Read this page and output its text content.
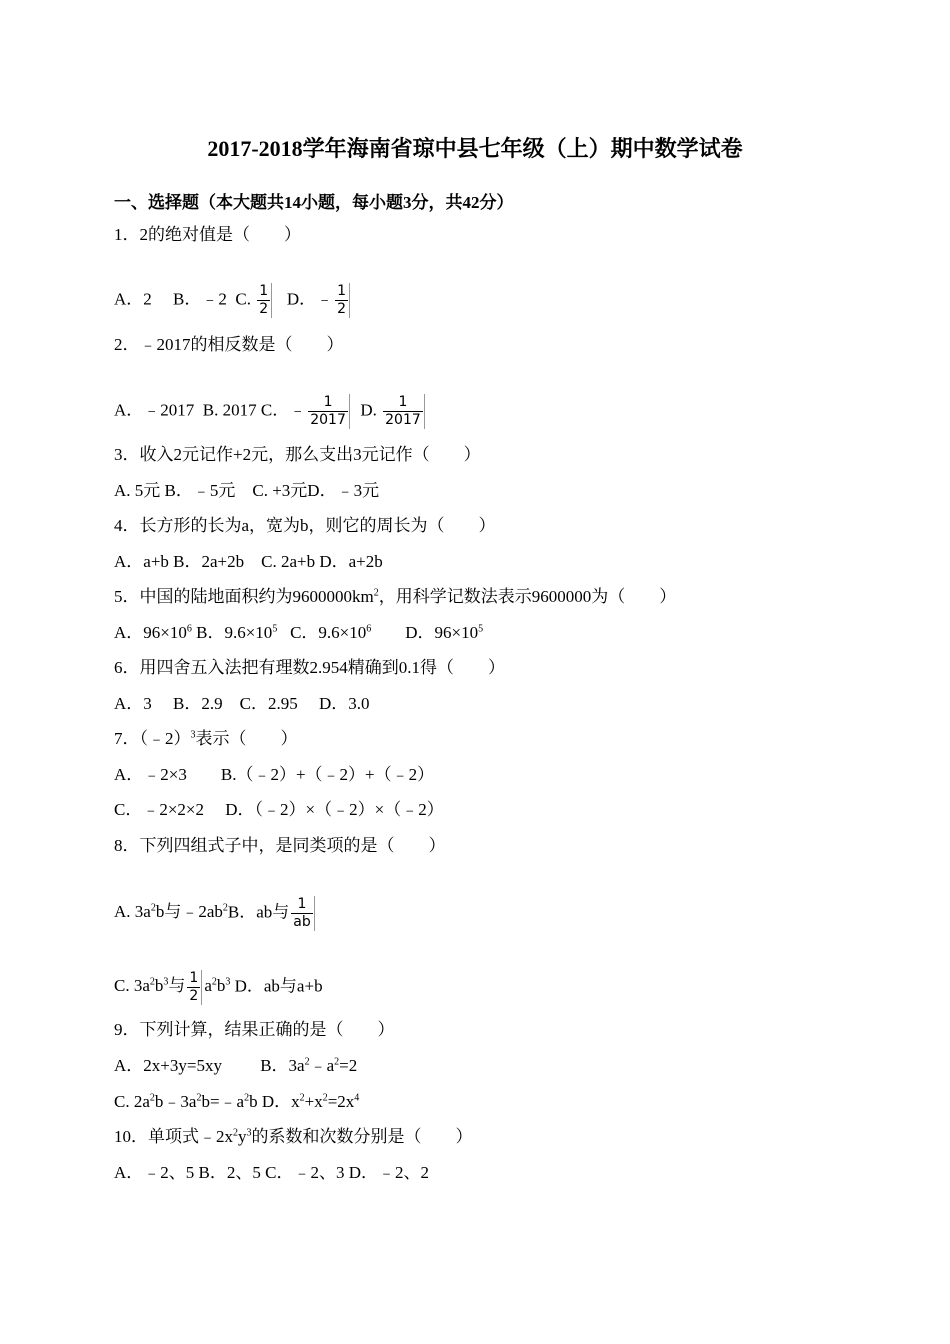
2017-2018学年海南省琼中县七年级（上）期中数学试卷
一、选择题（本大题共14小题，每小题3分，共42分）
1．2的绝对值是（　　）
A．2 B．﹣2 C. $\frac{1}{2}$ D．﹣ $\frac{1}{2}$
2．﹣2017的相反数是（　　）
A．﹣2017 B. 2017 C．﹣ $\frac{1}{2017} D$. $\frac{1}{2017}$
3．收入2元记作+2元，那么支出3元记作（　　）
A. 5元 B．﹣5元　C. +3元D．﹣3元
4．长方形的长为a，宽为b，则它的周长为（　　）
A．a+b B．2a+2b　C. 2a+b D．a+2b
5．中国的陆地面积约为$9600000km^2$，用科学记数法表示9600000为（　　）
A．$96\times 10^6$ B．$9.6\times 10^5$ C．$9.6\times 10^6$ D．$96\times 10^5$
6．用四舍五入法把有理数2.954精确到0.1得（　　）
A．3　 B．2.9　C．2.95　 D．3.0
7．（﹣2）$^3$表示（　　）
A．﹣2×3　　B.（﹣2）+（﹣2）+（﹣2）
C．﹣2×2×2　 D．（﹣2）×（﹣2）×（﹣2）
8．下列四组式子中，是同类项的是（　　）
A. $3a^2b$与$﹣2ab^2B$．ab与 $\frac{1}{ab}$
C. $3a^2b^3$与 $\frac{1}{2} a^2b^3$ D．ab与a+b
9．下列计算，结果正确的是（　　）
A．2x+3y=5xy B．$3a^2﹣a^2=2$
C. $2a^2b﹣3a^2b=﹣a^2b$ D．$x^2+x^2=2x^4$
10．单项式$﹣2x^2y^3$的系数和次数分别是（　　）
A．﹣2、5 B．2、5 C．﹣2、3 D．﹣2、2
